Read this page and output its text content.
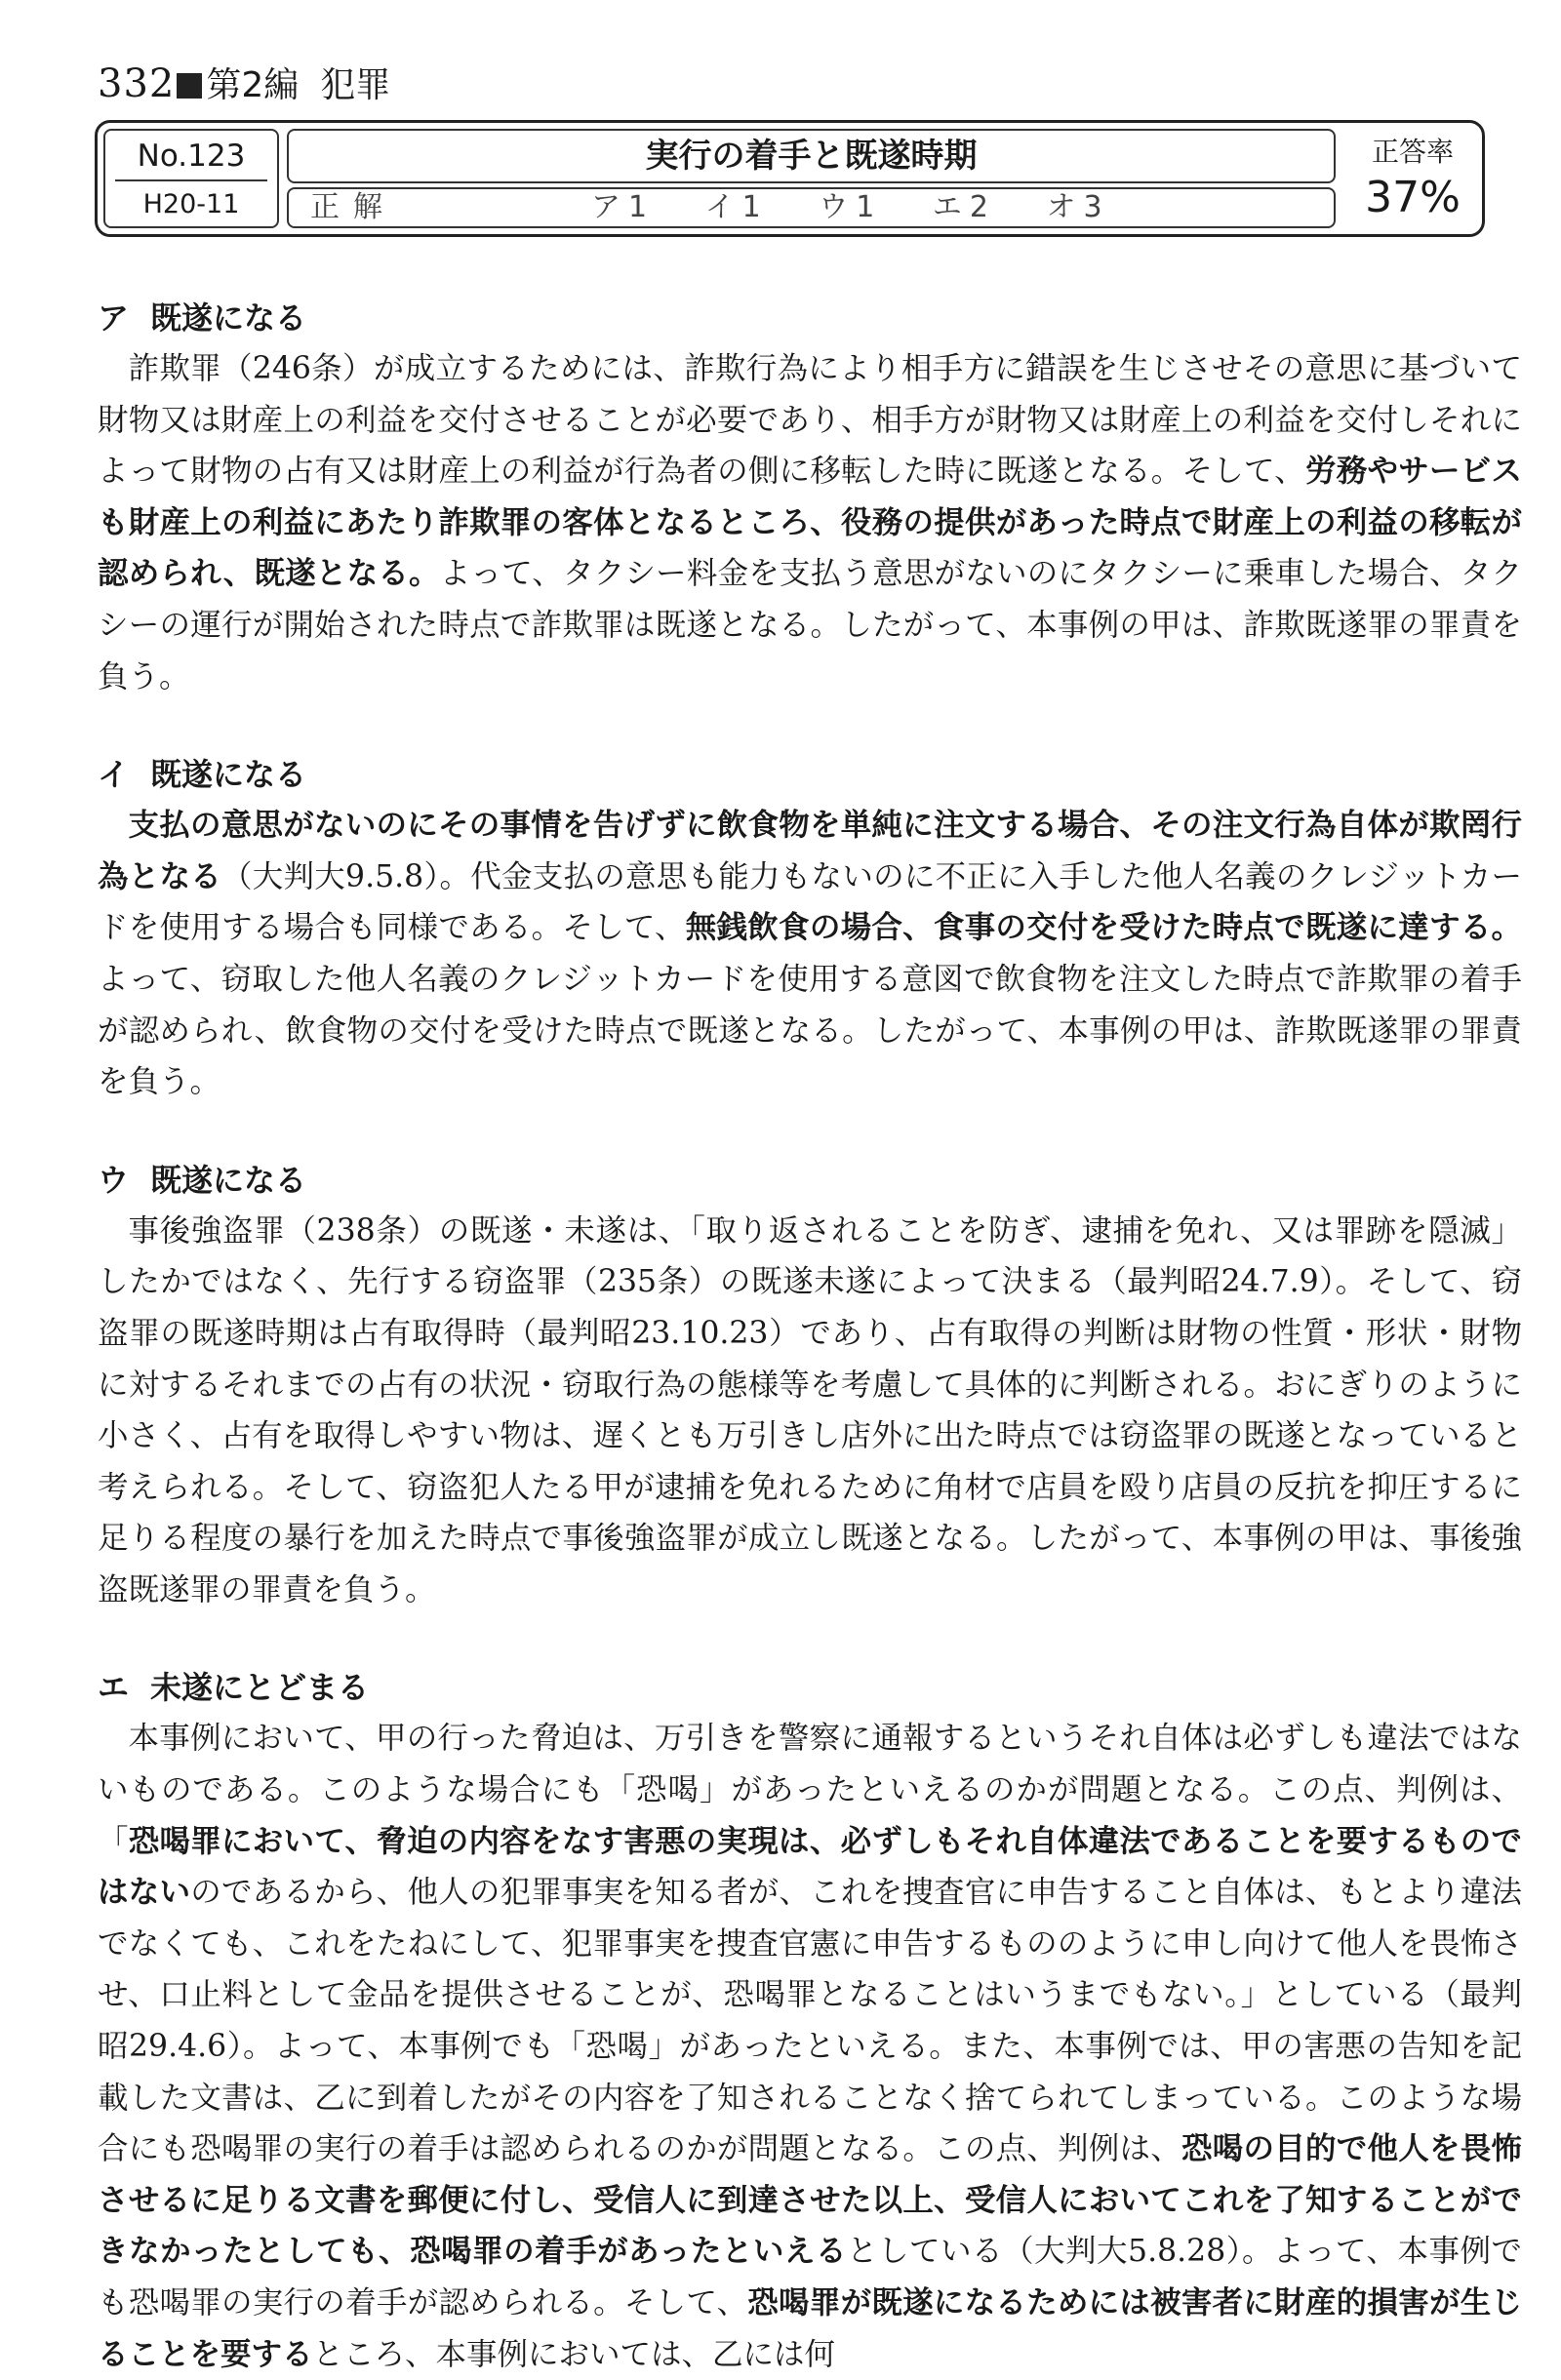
332 第2編 犯罪
No.123
H20-11
実行の着手と既遂時期
正解	ア1 イ1 ウ1 エ2 オ3
正答率
37%
ア 既遂になる

詐欺罪（246条）が成立するためには、詐欺行為により相手方に錯誤を生じさせその意思に基づいて財物又は財産上の利益を交付させることが必要であり、相手方が財物又は財産上の利益を交付しそれによって財物の占有又は財産上の利益が行為者の側に移転した時に既遂となる。そして、労務やサービスも財産上の利益にあたり詐欺罪の客体となるところ、役務の提供があった時点で財産上の利益の移転が認められ、既遂となる。よって、タクシー料金を支払う意思がないのにタクシーに乗車した場合、タクシーの運行が開始された時点で詐欺罪は既遂となる。したがって、本事例の甲は、詐欺既遂罪の罪責を負う。

イ 既遂になる

支払の意思がないのにその事情を告げずに飲食物を単純に注文する場合、その注文行為自体が欺罔行為となる（大判大9.5.8）。代金支払の意思も能力もないのに不正に入手した他人名義のクレジットカードを使用する場合も同様である。そして、無銭飲食の場合、食事の交付を受けた時点で既遂に達する。よって、窃取した他人名義のクレジットカードを使用する意図で飲食物を注文した時点で詐欺罪の着手が認められ、飲食物の交付を受けた時点で既遂となる。したがって、本事例の甲は、詐欺既遂罪の罪責を負う。

ウ 既遂になる

事後強盗罪（238条）の既遂・未遂は、「取り返されることを防ぎ、逮捕を免れ、又は罪跡を隠滅」したかではなく、先行する窃盗罪（235条）の既遂未遂によって決まる（最判昭24.7.9）。そして、窃盗罪の既遂時期は占有取得時（最判昭23.10.23）であり、占有取得の判断は財物の性質・形状・財物に対するそれまでの占有の状況・窃取行為の態様等を考慮して具体的に判断される。おにぎりのように小さく、占有を取得しやすい物は、遅くとも万引きし店外に出た時点では窃盗罪の既遂となっていると考えられる。そして、窃盗犯人たる甲が逮捕を免れるために角材で店員を殴り店員の反抗を抑圧するに足りる程度の暴行を加えた時点で事後強盗罪が成立し既遂となる。したがって、本事例の甲は、事後強盗既遂罪の罪責を負う。

エ 未遂にとどまる

本事例において、甲の行った脅迫は、万引きを警察に通報するというそれ自体は必ずしも違法ではないものである。このような場合にも「恐喝」があったといえるのかが問題となる。この点、判例は、「恐喝罪において、脅迫の内容をなす害悪の実現は、必ずしもそれ自体違法であることを要するものではないのであるから、他人の犯罪事実を知る者が、これを捜査官に申告すること自体は、もとより違法でなくても、これをたねにして、犯罪事実を捜査官憲に申告するもののように申し向けて他人を畏怖させ、口止料として金品を提供させることが、恐喝罪となることはいうまでもない。」としている（最判昭29.4.6）。よって、本事例でも「恐喝」があったといえる。また、本事例では、甲の害悪の告知を記載した文書は、乙に到着したがその内容を了知されることなく捨てられてしまっている。このような場合にも恐喝罪の実行の着手は認められるのかが問題となる。この点、判例は、恐喝の目的で他人を畏怖させるに足りる文書を郵便に付し、受信人に到達させた以上、受信人においてこれを了知することができなかったとしても、恐喝罪の着手があったといえるとしている（大判大5.8.28）。よって、本事例でも恐喝罪の実行の着手が認められる。そして、恐喝罪が既遂になるためには被害者に財産的損害が生じることを要するところ、本事例においては、乙には何
